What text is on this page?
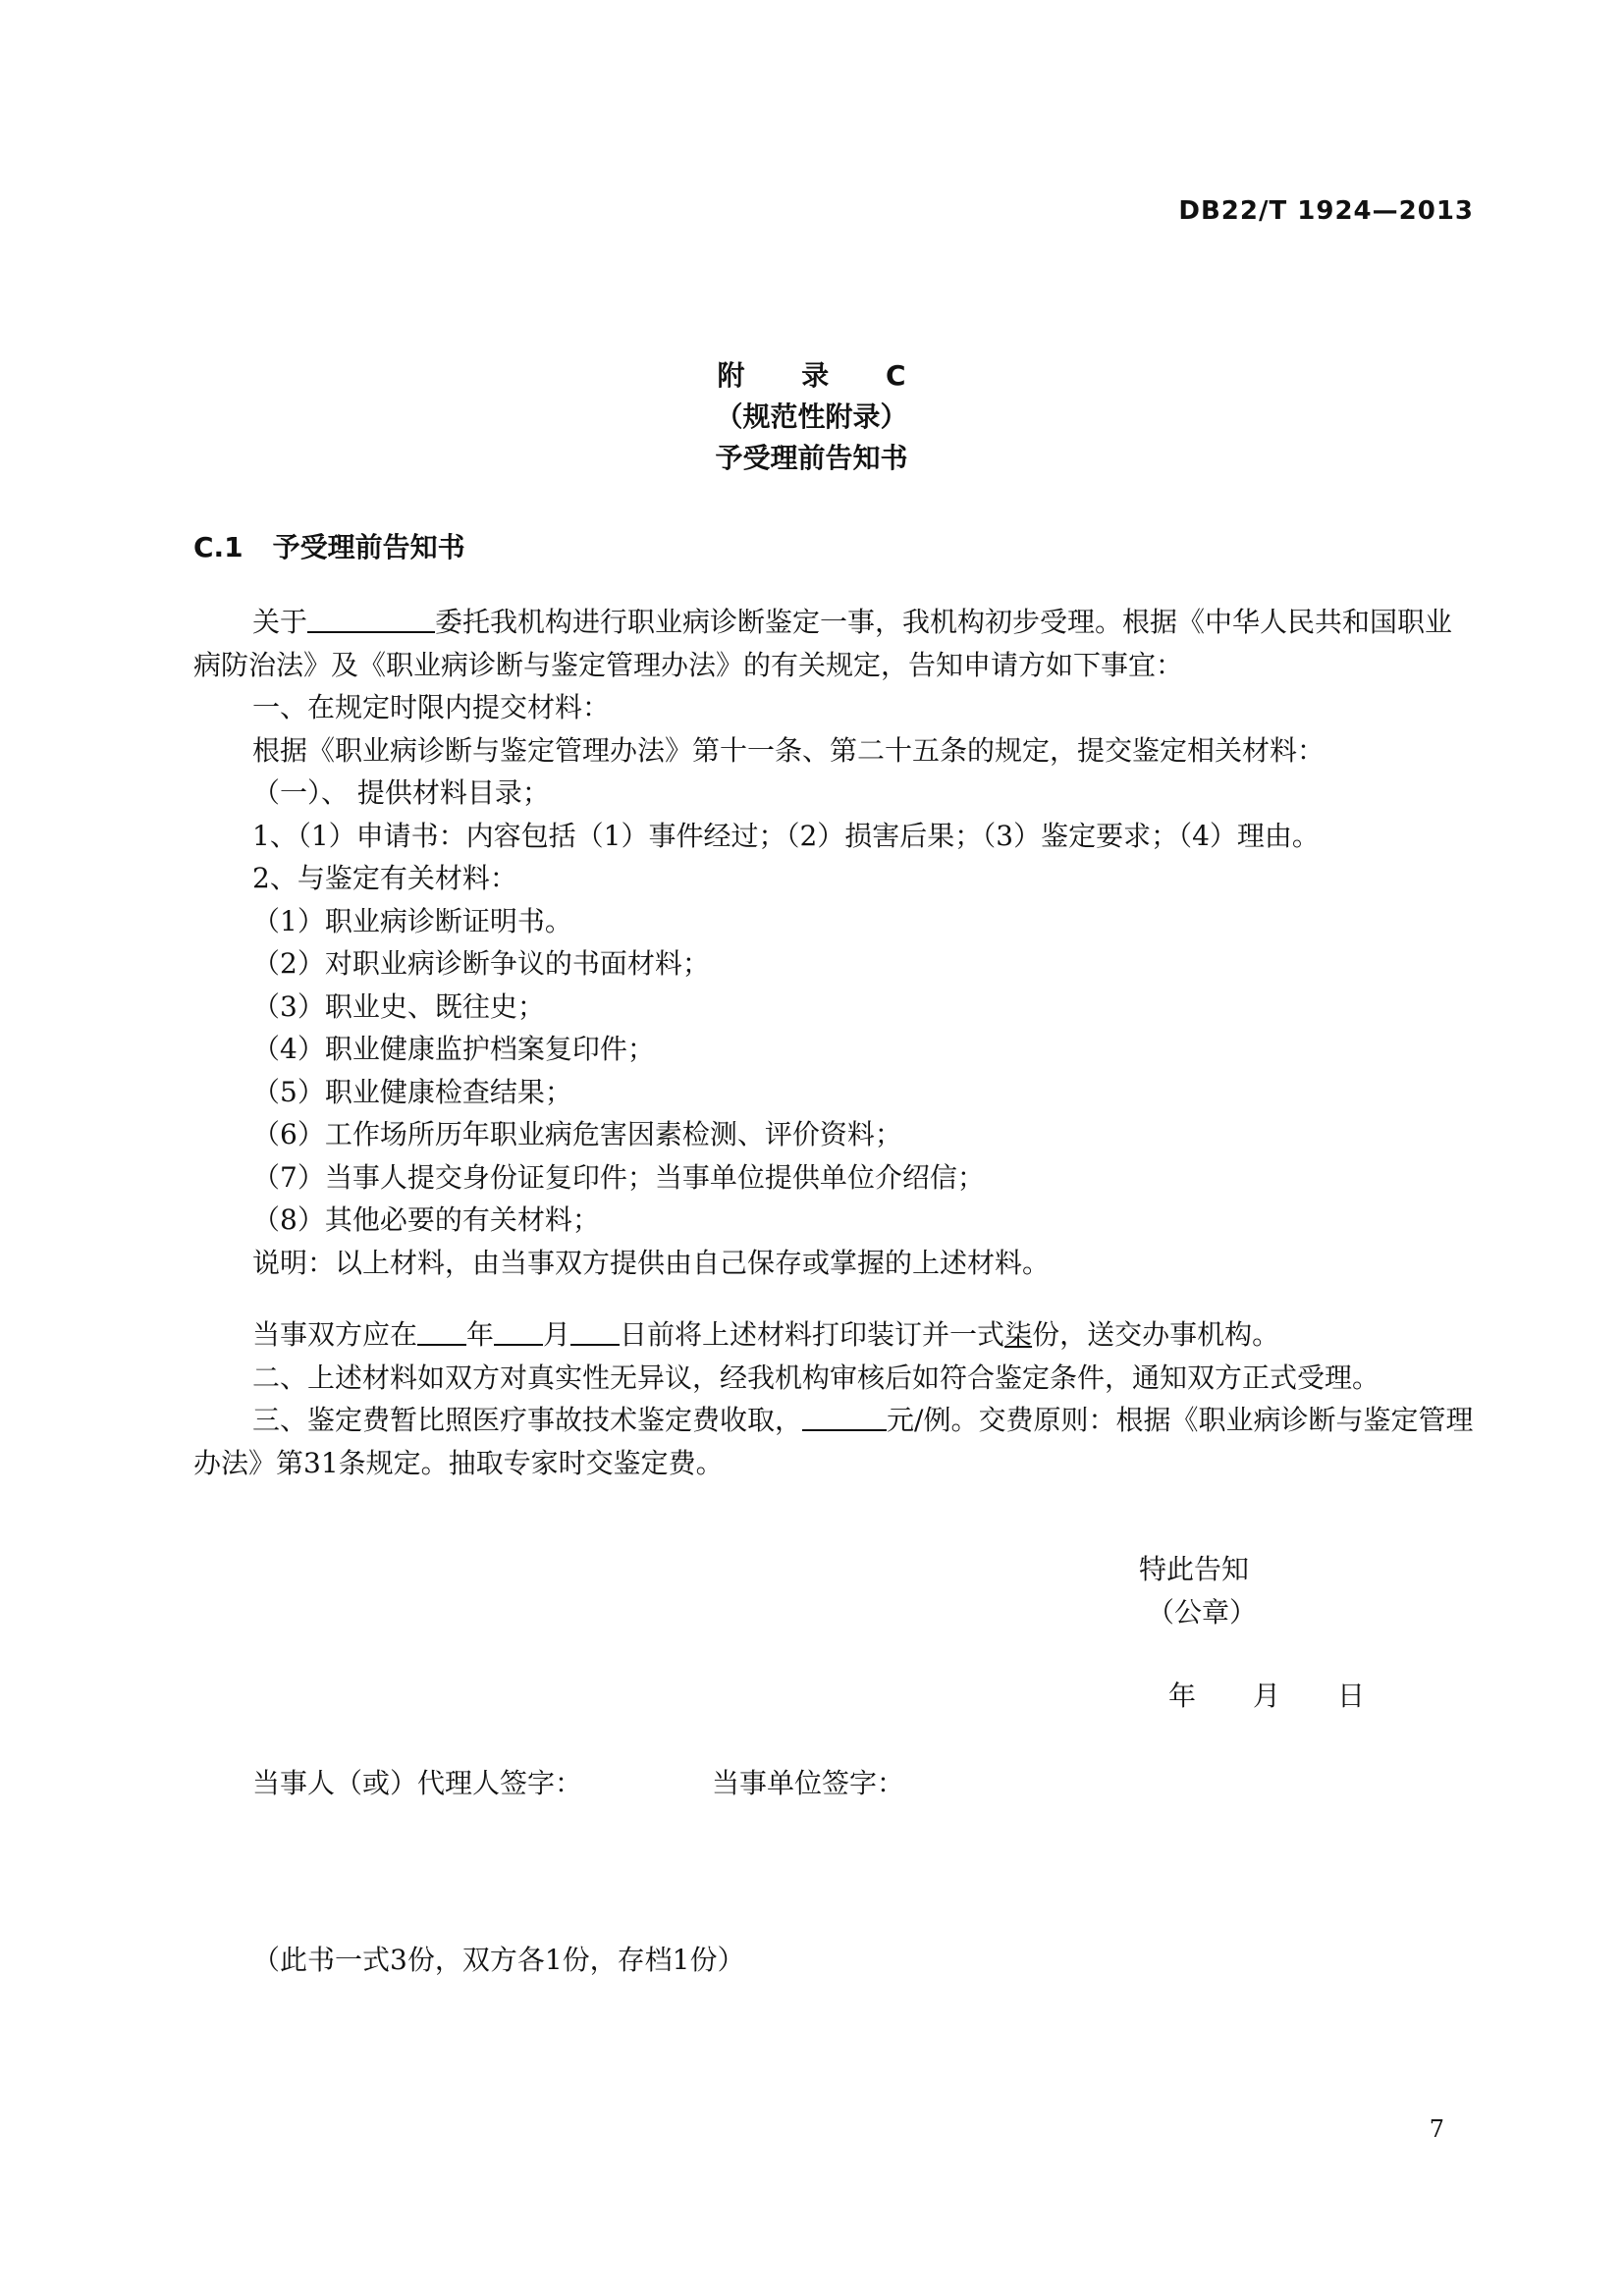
DB22/T 1924—2013
附 录 C
（规范性附录）
予受理前告知书
C.1 予受理前告知书

关于	委托我机构进行职业病诊断鉴定一事，我机构初步受理。根据《中华人民共和国职业病防治法》及《职业病诊断与鉴定管理办法》的有关规定，告知申请方如下事宜：

一、在规定时限内提交材料：

根据《职业病诊断与鉴定管理办法》第十一条、第二十五条的规定，提交鉴定相关材料：

（一）、 提供材料目录；

1、（1）申请书：内容包括（1）事件经过；（2）损害后果；（3）鉴定要求；（4）理由。

2、与鉴定有关材料：

（1）职业病诊断证明书。

（2）对职业病诊断争议的书面材料；

（3）职业史、既往史；

（4）职业健康监护档案复印件；

（5）职业健康检查结果；

（6）工作场所历年职业病危害因素检测、评价资料；

（7）当事人提交身份证复印件；当事单位提供单位介绍信；

（8）其他必要的有关材料；

说明：以上材料，由当事双方提供由自己保存或掌握的上述材料。

当事双方应在 年 月 日前将上述材料打印装订并一式柒份，送交办事机构。

二、上述材料如双方对真实性无异议，经我机构审核后如符合鉴定条件，通知双方正式受理。

三、鉴定费暂比照医疗事故技术鉴定费收取，	元/例。交费原则：根据《职业病诊断与鉴定管理办法》第31条规定。抽取专家时交鉴定费。

特此告知
（公章）
年 月 日
当事人（或）代理人签字：	当事单位签字：
（此书一式3份，双方各1份，存档1份）
7
